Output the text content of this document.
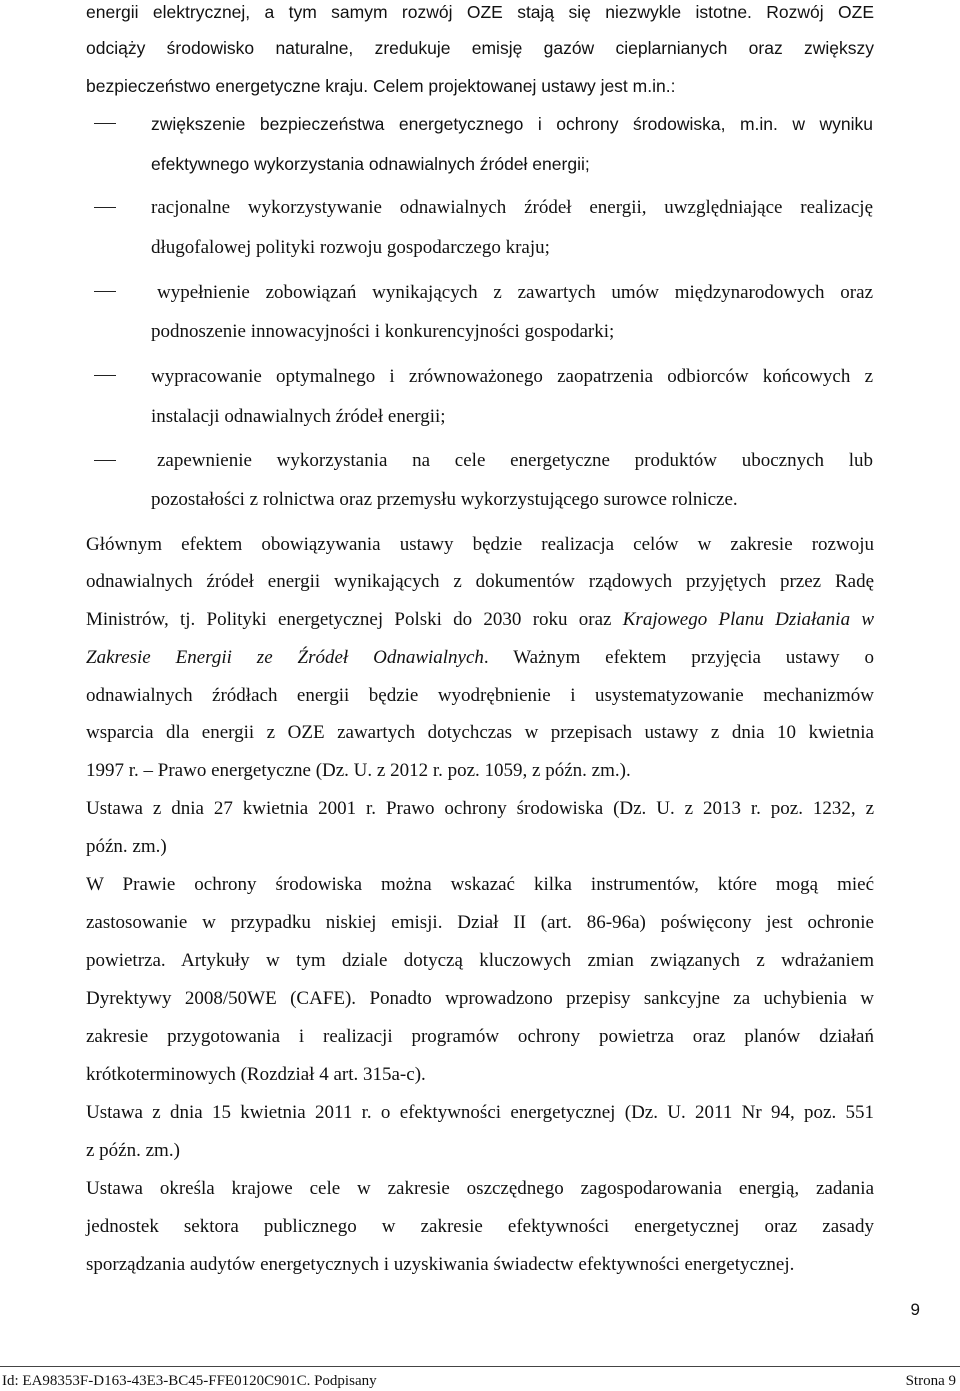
energii elektrycznej, a tym samym rozwój OZE stają się niezwykle istotne. Rozwój OZE
odciąży środowisko naturalne, zredukuje emisję gazów cieplarnianych oraz zwiększy
bezpieczeństwo energetyczne kraju. Celem projektowanej ustawy jest m.in.:
zwiększenie bezpieczeństwa energetycznego i ochrony środowiska, m.in. w wyniku
efektywnego wykorzystania odnawialnych źródeł energii;
racjonalne wykorzystywanie odnawialnych źródeł energii, uwzględniające realizację
długofalowej polityki rozwoju gospodarczego kraju;
wypełnienie zobowiązań wynikających z zawartych umów międzynarodowych oraz
podnoszenie innowacyjności i konkurencyjności gospodarki;
wypracowanie optymalnego i zrównoważonego zaopatrzenia odbiorców końcowych z
instalacji odnawialnych źródeł energii;
zapewnienie wykorzystania na cele energetyczne produktów ubocznych lub
pozostałości z rolnictwa oraz przemysłu wykorzystującego surowce rolnicze.
Głównym efektem obowiązywania ustawy będzie realizacja celów w zakresie rozwoju
odnawialnych źródeł energii wynikających z dokumentów rządowych przyjętych przez Radę
Ministrów, tj. Polityki energetycznej Polski do 2030 roku oraz Krajowego Planu Działania w
Zakresie Energii ze Źródeł Odnawialnych. Ważnym efektem przyjęcia ustawy o
odnawialnych źródłach energii będzie wyodrębnienie i usystematyzowanie mechanizmów
wsparcia dla energii z OZE zawartych dotychczas w przepisach ustawy z dnia 10 kwietnia
1997 r. – Prawo energetyczne (Dz. U. z 2012 r. poz. 1059, z późn. zm.).
Ustawa z dnia 27 kwietnia 2001 r. Prawo ochrony środowiska (Dz. U. z 2013 r. poz. 1232, z
późn. zm.)
W Prawie ochrony środowiska można wskazać kilka instrumentów, które mogą mieć
zastosowanie w przypadku niskiej emisji. Dział II (art. 86-96a) poświęcony jest ochronie
powietrza. Artykuły w tym dziale dotyczą kluczowych zmian związanych z wdrażaniem
Dyrektywy 2008/50WE (CAFE). Ponadto wprowadzono przepisy sankcyjne za uchybienia w
zakresie przygotowania i realizacji programów ochrony powietrza oraz planów działań
krótkoterminowych (Rozdział 4 art. 315a-c).
Ustawa z dnia 15 kwietnia 2011 r. o efektywności energetycznej (Dz. U. 2011 Nr 94, poz. 551
z późn. zm.)
Ustawa określa krajowe cele w zakresie oszczędnego zagospodarowania energią, zadania
jednostek sektora publicznego w zakresie efektywności energetycznej oraz zasady
sporządzania audytów energetycznych i uzyskiwania świadectw efektywności energetycznej.
9
Id: EA98353F-D163-43E3-BC45-FFE0120C901C. Podpisany	Strona 9
